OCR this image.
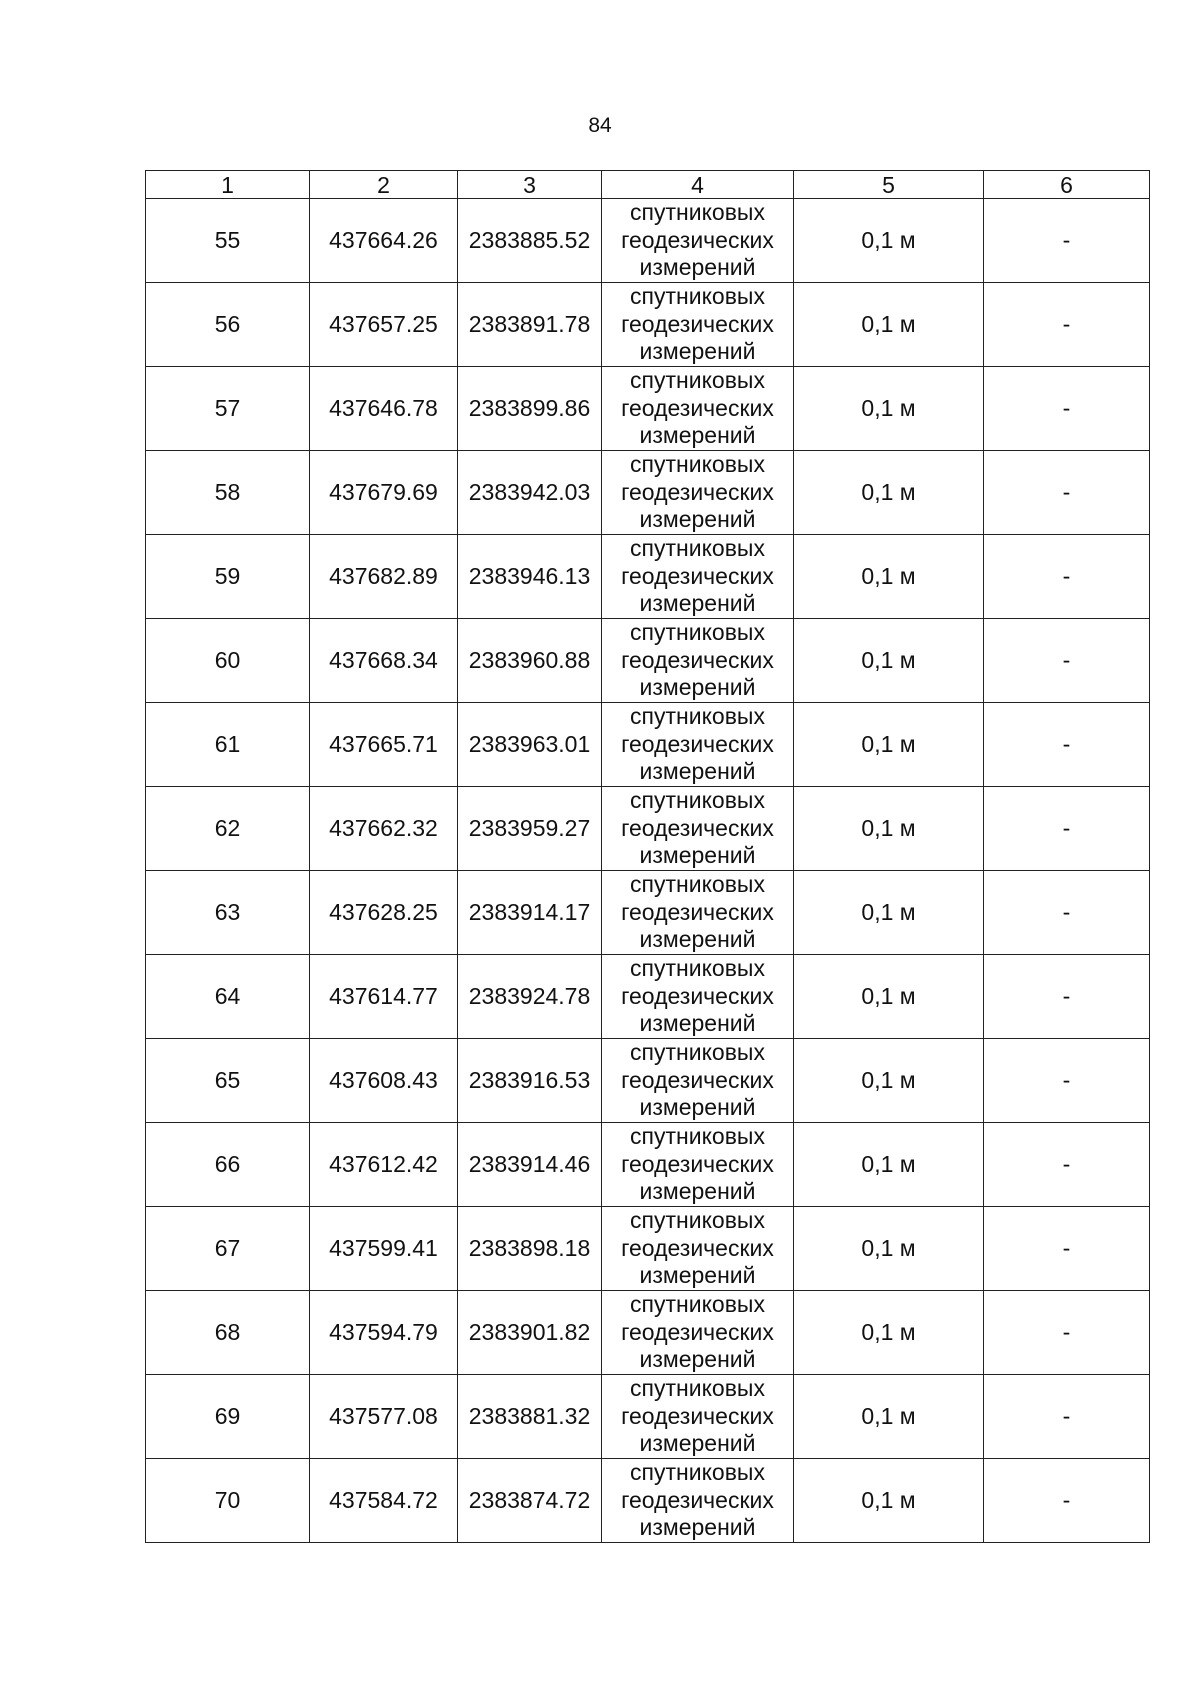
84
1	2	3	4	5	6
55	437664.26	2383885.52	спутниковых
геодезических
измерений	0,1 м	-
56	437657.25	2383891.78	спутниковых
геодезических
измерений	0,1 м	-
57	437646.78	2383899.86	спутниковых
геодезических
измерений	0,1 м	-
58	437679.69	2383942.03	спутниковых
геодезических
измерений	0,1 м	-
59	437682.89	2383946.13	спутниковых
геодезических
измерений	0,1 м	-
60	437668.34	2383960.88	спутниковых
геодезических
измерений	0,1 м	-
61	437665.71	2383963.01	спутниковых
геодезических
измерений	0,1 м	-
62	437662.32	2383959.27	спутниковых
геодезических
измерений	0,1 м	-
63	437628.25	2383914.17	спутниковых
геодезических
измерений	0,1 м	-
64	437614.77	2383924.78	спутниковых
геодезических
измерений	0,1 м	-
65	437608.43	2383916.53	спутниковых
геодезических
измерений	0,1 м	-
66	437612.42	2383914.46	спутниковых
геодезических
измерений	0,1 м	-
67	437599.41	2383898.18	спутниковых
геодезических
измерений	0,1 м	-
68	437594.79	2383901.82	спутниковых
геодезических
измерений	0,1 м	-
69	437577.08	2383881.32	спутниковых
геодезических
измерений	0,1 м	-
70	437584.72	2383874.72	спутниковых
геодезических
измерений	0,1 м	-
